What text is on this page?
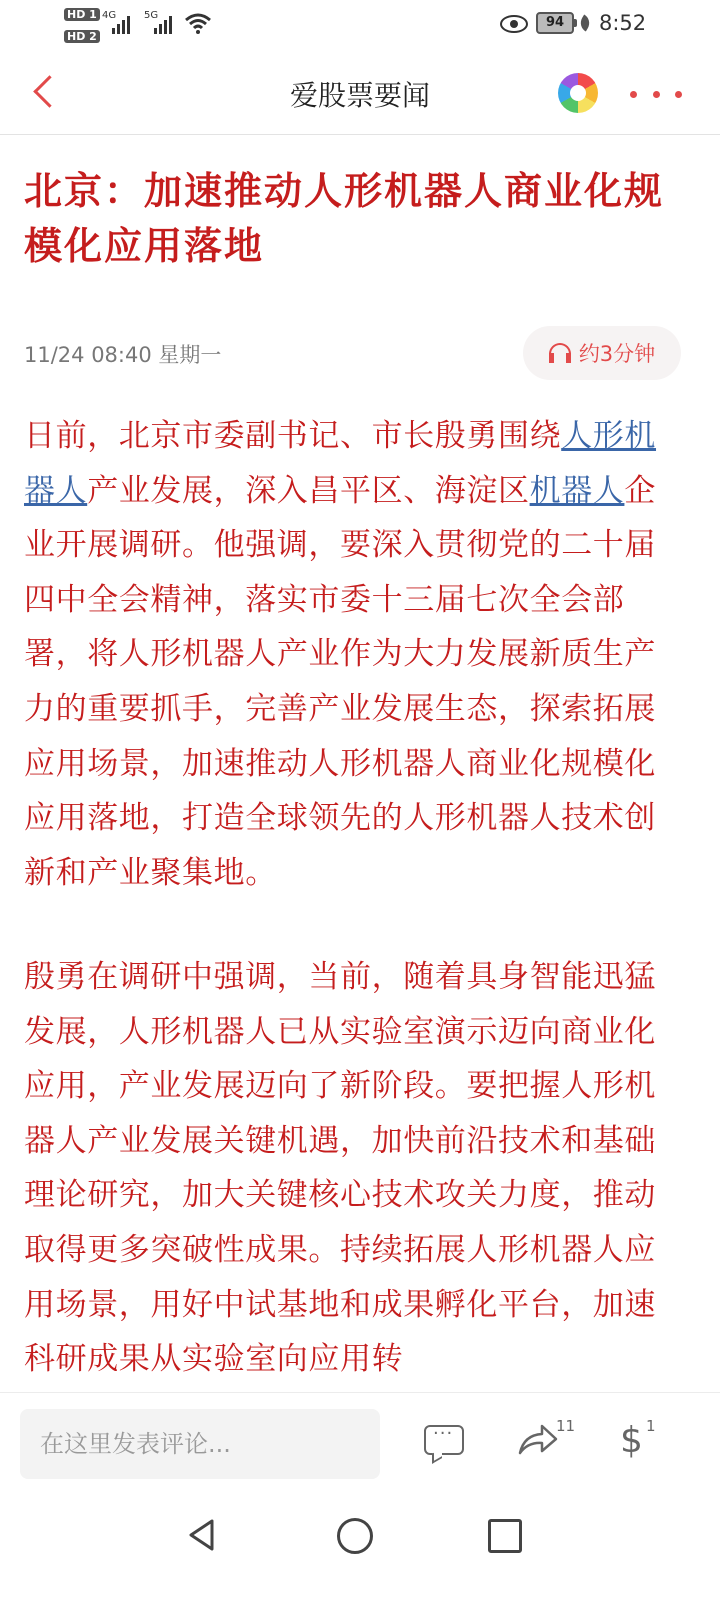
HD 1
HD 2
4G	5G	94	8:52
爱股票要闻
北京：加速推动人形机器人商业化规模化应用落地
11/24 08:40 星期一	约3分钟

日前，北京市委副书记、市长殷勇围绕人形机器人产业发展，深入昌平区、海淀区机器人企业开展调研。他强调，要深入贯彻党的二十届四中全会精神，落实市委十三届七次全会部署，将人形机器人产业作为大力发展新质生产力的重要抓手，完善产业发展生态，探索拓展应用场景，加速推动人形机器人商业化规模化应用落地，打造全球领先的人形机器人技术创新和产业聚集地。

殷勇在调研中强调，当前，随着具身智能迅猛发展，人形机器人已从实验室演示迈向商业化应用，产业发展迈向了新阶段。要把握人形机器人产业发展关键机遇，加快前沿技术和基础理论研究，加大关键核心技术攻关力度，推动取得更多突破性成果。持续拓展人形机器人应用场景，用好中试基地和成果孵化平台，加速科研成果从实验室向应用转

在这里发表评论...
···
11 $ 1
